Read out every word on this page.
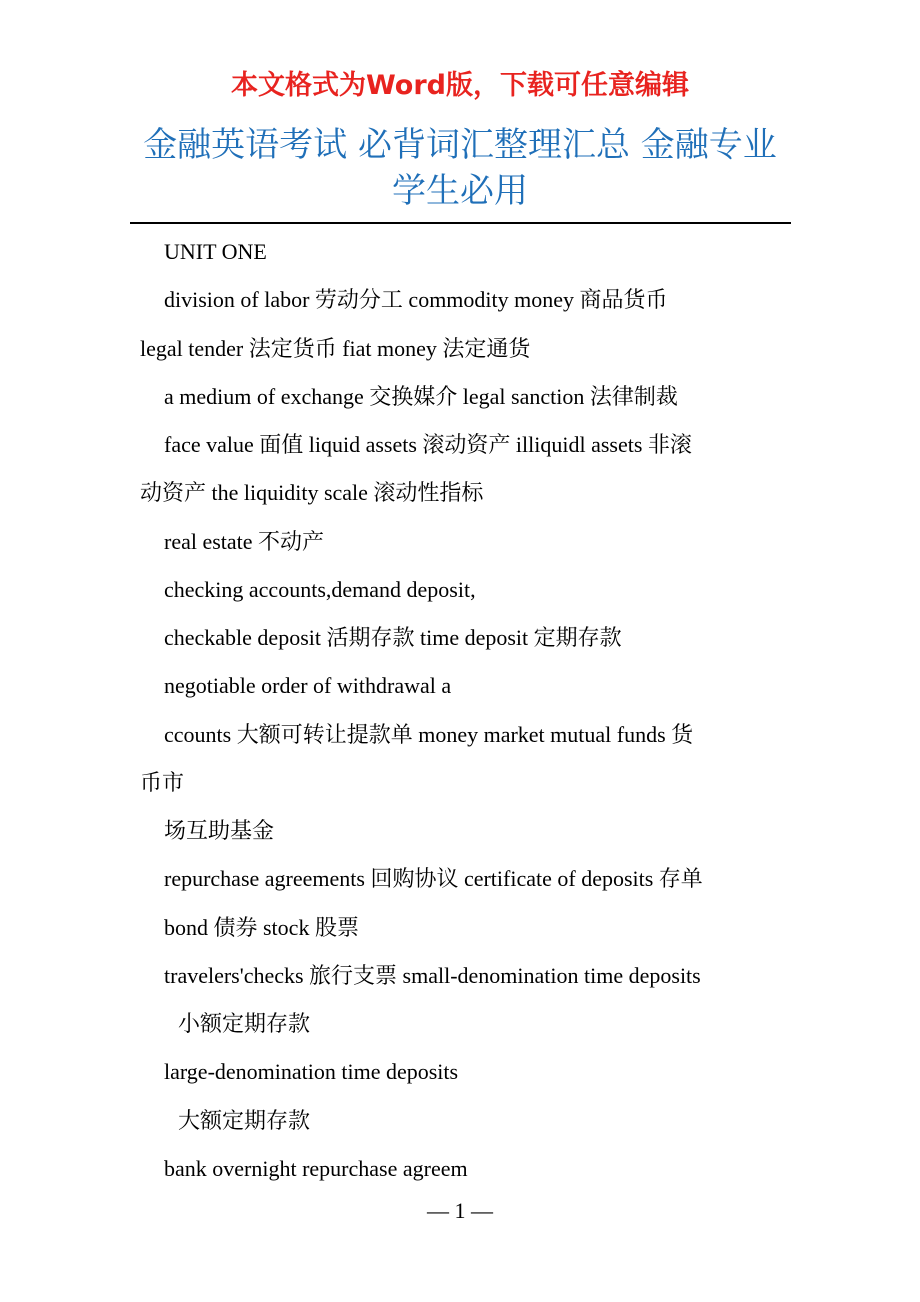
本文格式为Word版，下载可任意编辑
金融英语考试 必背词汇整理汇总 金融专业
学生必用
UNIT ONE
division of labor 劳动分工 commodity money 商品货币
legal tender 法定货币 fiat money 法定通货
a medium of exchange 交换媒介 legal sanction 法律制裁
face value 面值 liquid assets 滚动资产 illiquidl assets 非滚
动资产 the liquidity scale 滚动性指标
real estate 不动产
checking accounts,demand deposit,
checkable deposit 活期存款 time deposit 定期存款
negotiable order of withdrawal a
ccounts 大额可转让提款单 money market mutual funds 货
币市
场互助基金
repurchase agreements 回购协议 certificate of deposits 存单
bond 债券 stock 股票
travelers'checks 旅行支票 small-denomination time deposits
小额定期存款
large-denomination time deposits
大额定期存款
bank overnight repurchase agreem
— 1 —
